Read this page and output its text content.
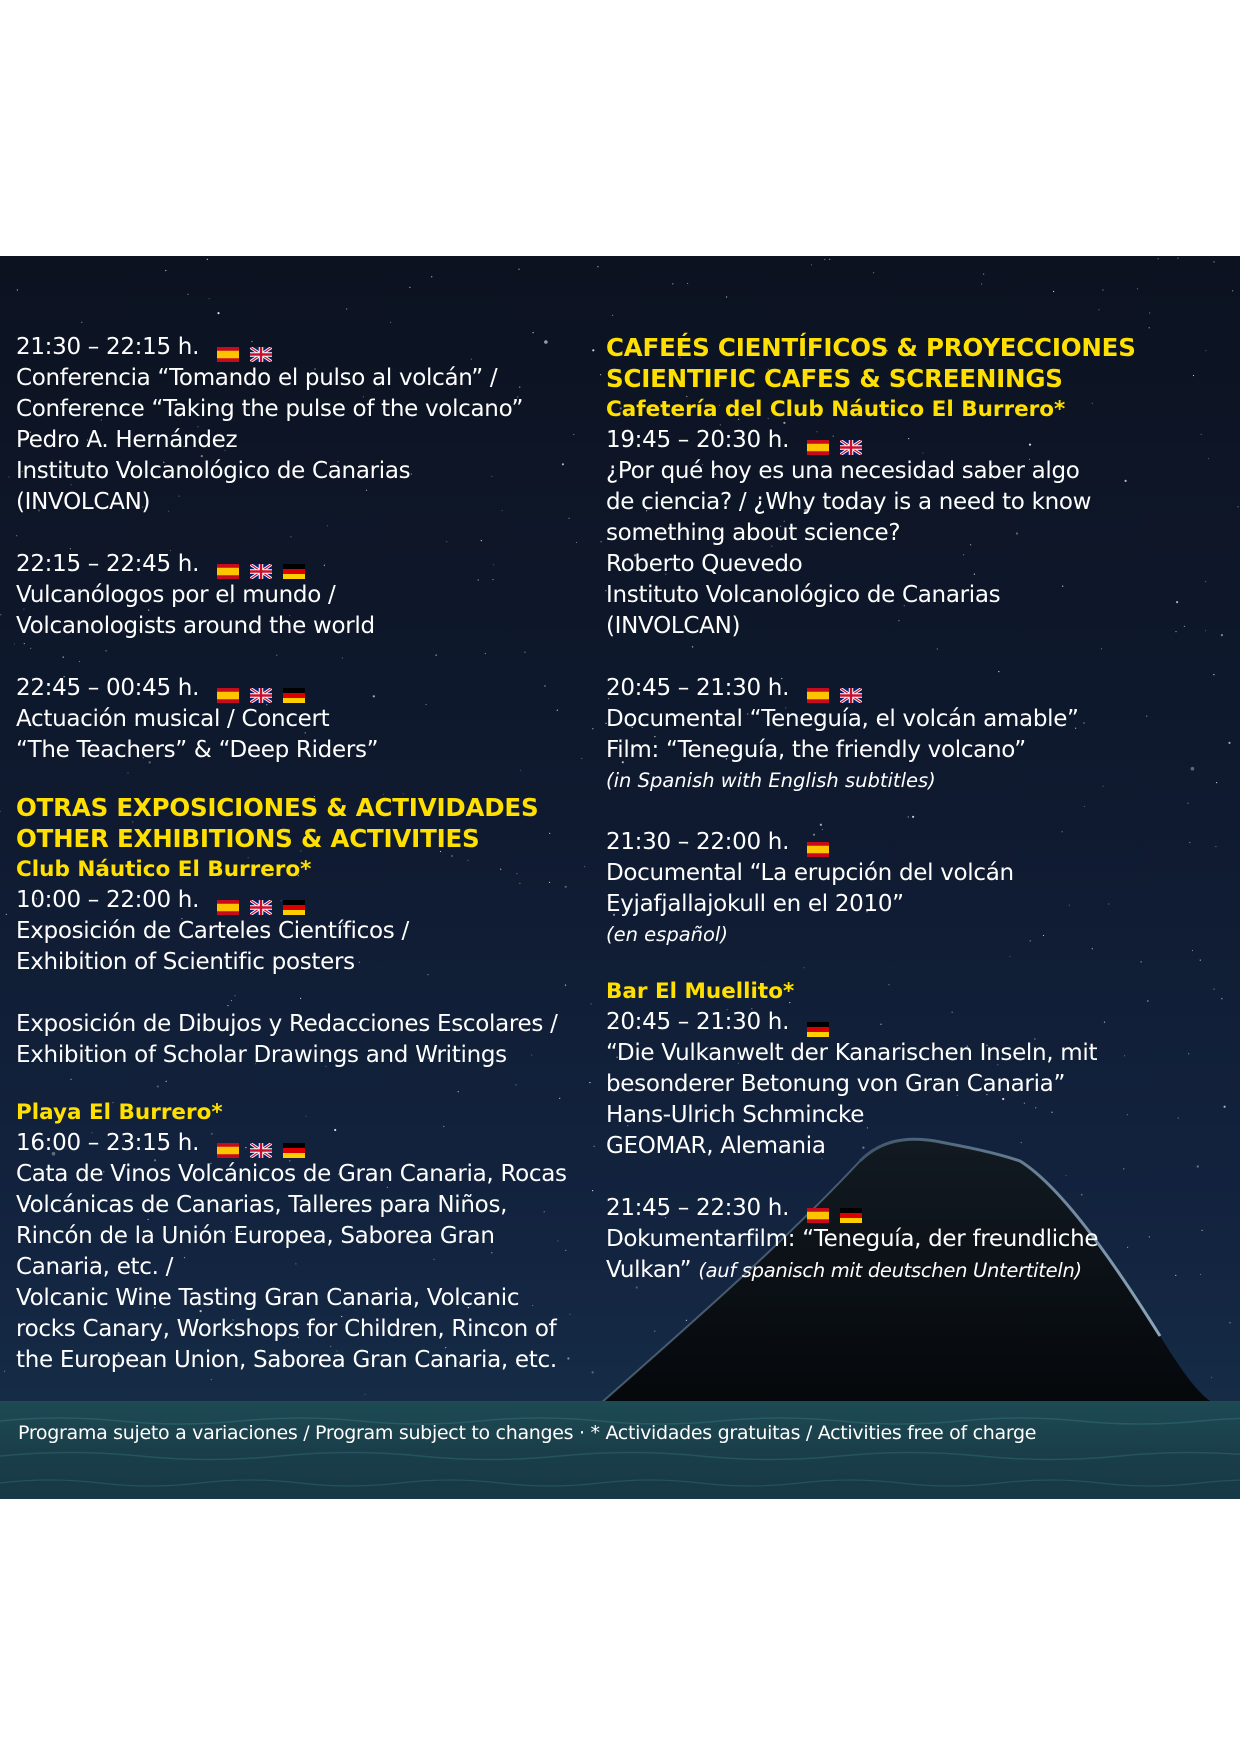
21:30 – 22:15 h.
Conferencia “Tomando el pulso al volcán” /
Conference “Taking the pulse of the volcano”
Pedro A. Hernández
Instituto Volcanológico de Canarias
(INVOLCAN)
22:15 – 22:45 h.
Vulcanólogos por el mundo /
Volcanologists around the world
22:45 – 00:45 h.
Actuación musical / Concert
“The Teachers” & “Deep Riders”
OTRAS EXPOSICIONES & ACTIVIDADES
OTHER EXHIBITIONS & ACTIVITIES
Club Náutico El Burrero*
10:00 – 22:00 h.
Exposición de Carteles Científicos /
Exhibition of Scientific posters
Exposición de Dibujos y Redacciones Escolares /
Exhibition of Scholar Drawings and Writings
Playa El Burrero*
16:00 – 23:15 h.
Cata de Vinos Volcánicos de Gran Canaria, Rocas
Volcánicas de Canarias, Talleres para Niños,
Rincón de la Unión Europea, Saborea Gran
Canaria, etc. /
Volcanic Wine Tasting Gran Canaria, Volcanic
rocks Canary, Workshops for Children, Rincon of
the European Union, Saborea Gran Canaria, etc.
CAFEÉS CIENTÍFICOS & PROYECCIONES
SCIENTIFIC CAFES & SCREENINGS
Cafetería del Club Náutico El Burrero*
19:45 – 20:30 h.
¿Por qué hoy es una necesidad saber algo
de ciencia? / ¿Why today is a need to know
something about science?
Roberto Quevedo
Instituto Volcanológico de Canarias
(INVOLCAN)
20:45 – 21:30 h.
Documental “Teneguía, el volcán amable”
Film: “Teneguía, the friendly volcano”
(in Spanish with English subtitles)
21:30 – 22:00 h.
Documental “La erupción del volcán
Eyjafjallajokull en el 2010”
(en español)
Bar El Muellito*
20:45 – 21:30 h.
“Die Vulkanwelt der Kanarischen Inseln, mit
besonderer Betonung von Gran Canaria”
Hans-Ulrich Schmincke
GEOMAR, Alemania
21:45 – 22:30 h.
Dokumentarfilm: “Teneguía, der freundliche
Vulkan” (auf spanisch mit deutschen Untertiteln)
Programa sujeto a variaciones / Program subject to changes · * Actividades gratuitas / Activities free of charge
